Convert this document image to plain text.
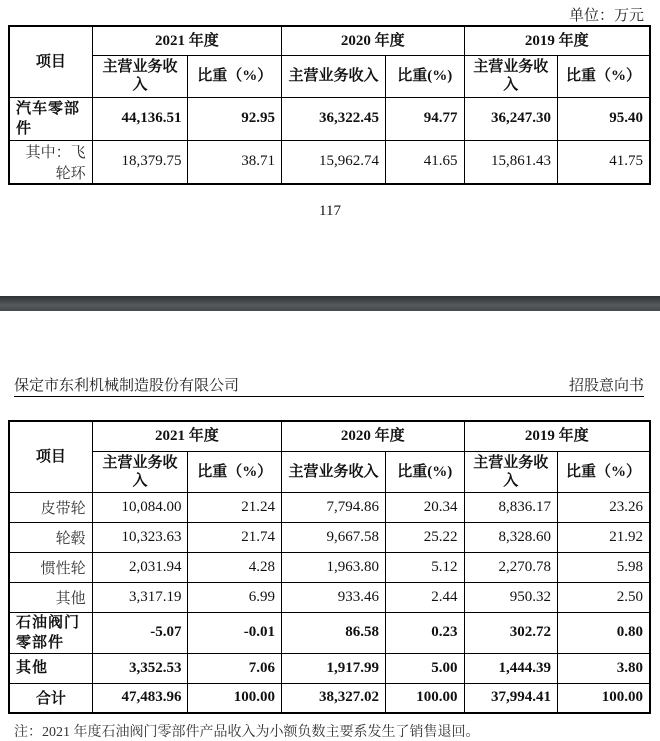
单位：万元
项目	2021 年度		2020 年度		2019 年度	
	主营业务收入	比重（%）	主营业务收入	比重(%)	主营业务收入	比重（%）
汽车零部件	44,136.51	92.95	36,322.45	94.77	36,247.30	95.40
其中：飞轮环	18,379.75	38.71	15,962.74	41.65	15,861.43	41.75
117
保定市东利机械制造股份有限公司	招股意向书
项目	2021 年度		2020 年度		2019 年度	
	主营业务收入	比重（%）	主营业务收入	比重(%)	主营业务收入	比重（%）
皮带轮	10,084.00	21.24	7,794.86	20.34	8,836.17	23.26
轮毂	10,323.63	21.74	9,667.58	25.22	8,328.60	21.92
惯性轮	2,031.94	4.28	1,963.80	5.12	2,270.78	5.98
其他	3,317.19	6.99	933.46	2.44	950.32	2.50
石油阀门零部件	-5.07	-0.01	86.58	0.23	302.72	0.80
其他	3,352.53	7.06	1,917.99	5.00	1,444.39	3.80
合计	47,483.96	100.00	38,327.02	100.00	37,994.41	100.00
注：2021 年度石油阀门零部件产品收入为小额负数主要系发生了销售退回。
